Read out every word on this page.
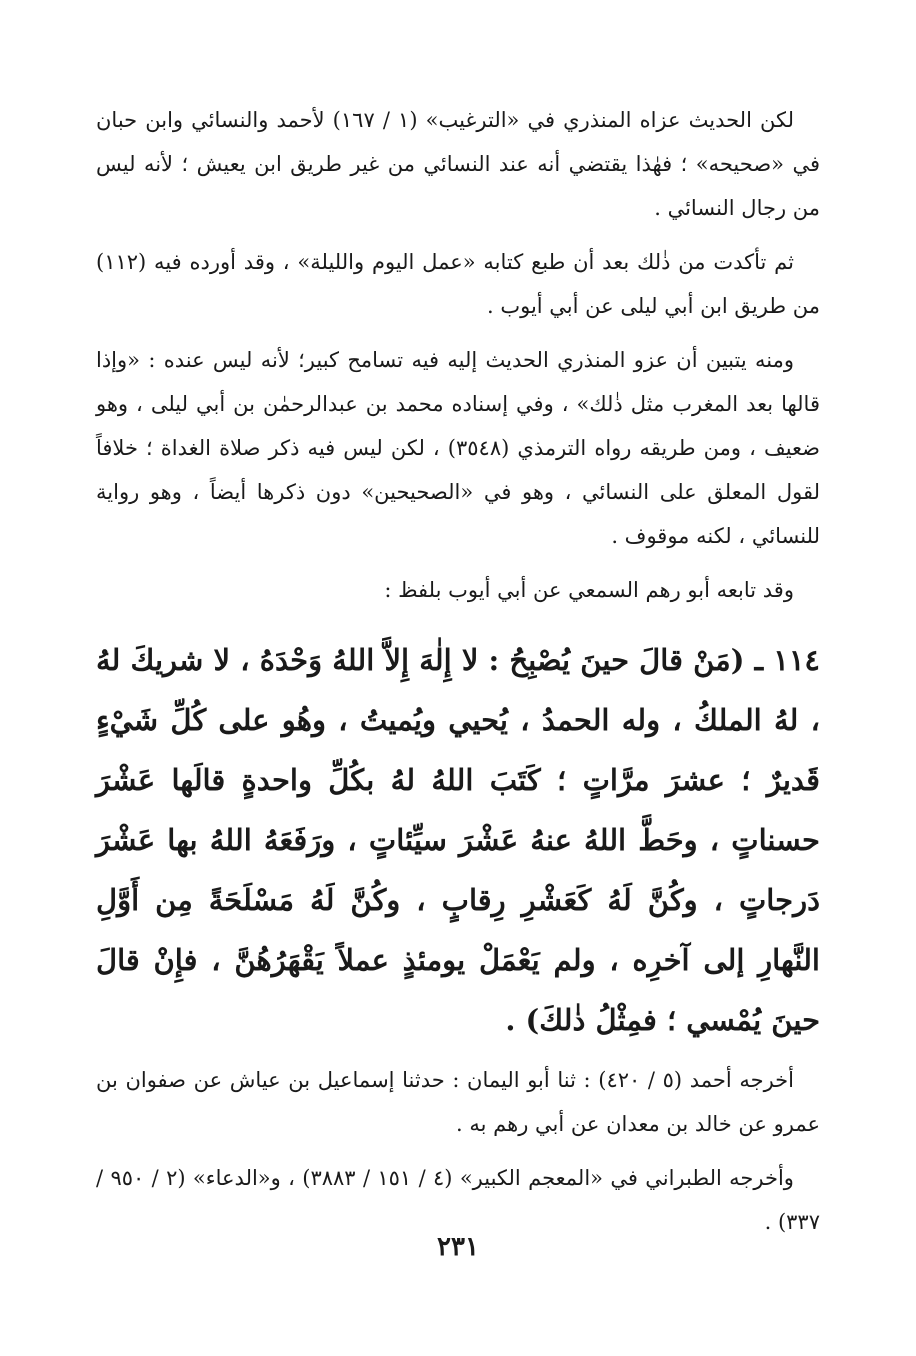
لكن الحديث عزاه المنذري في «الترغيب» (١ / ١٦٧) لأحمد والنسائي وابن حبان في «صحيحه» ؛ فهٰذا يقتضي أنه عند النسائي من غير طريق ابن يعيش ؛ لأنه ليس من رجال النسائي .

ثم تأكدت من ذٰلك بعد أن طبع كتابه «عمل اليوم والليلة» ، وقد أورده فيه (١١٢) من طريق ابن أبي ليلى عن أبي أيوب .

ومنه يتبين أن عزو المنذري الحديث إليه فيه تسامح كبير؛ لأنه ليس عنده : «وإذا قالها بعد المغرب مثل ذٰلك» ، وفي إسناده محمد بن عبدالرحمٰن بن أبي ليلى ، وهو ضعيف ، ومن طريقه رواه الترمذي (٣٥٤٨) ، لكن ليس فيه ذكر صلاة الغداة ؛ خلافاً لقول المعلق على النسائي ، وهو في «الصحيحين» دون ذكرها أيضاً ، وهو رواية للنسائي ، لكنه موقوف .

وقد تابعه أبو رهم السمعي عن أبي أيوب بلفظ :

١١٤ ـ (مَنْ قالَ حينَ يُصْبِحُ : لا إِلٰهَ إِلاَّ اللهُ وَحْدَهُ ، لا شريكَ لهُ ، لهُ الملكُ ، وله الحمدُ ، يُحيي ويُميتُ ، وهُو على كُلِّ شَيْءٍ قَديرٌ ؛ عشرَ مرَّاتٍ ؛ كَتَبَ اللهُ لهُ بكُلِّ واحدةٍ قالَها عَشْرَ حسناتٍ ، وحَطَّ اللهُ عنهُ عَشْرَ سيِّئاتٍ ، ورَفَعَهُ اللهُ بها عَشْرَ دَرجاتٍ ، وكُنَّ لَهُ كَعَشْرِ رِقابٍ ، وكُنَّ لَهُ مَسْلَحَةً مِن أَوَّلِ النَّهارِ إلى آخرِه ، ولم يَعْمَلْ يومئذٍ عملاً يَقْهَرُهُنَّ ، فإِنْ قالَ حينَ يُمْسي ؛ فمِثْلُ ذٰلكَ) .

أخرجه أحمد (٥ / ٤٢٠) : ثنا أبو اليمان : حدثنا إسماعيل بن عياش عن صفوان بن عمرو عن خالد بن معدان عن أبي رهم به .

وأخرجه الطبراني في «المعجم الكبير» (٤ / ١٥١ / ٣٨٨٣) ، و«الدعاء» (٢ / ٩٥٠ / ٣٣٧) .

٢٣١
